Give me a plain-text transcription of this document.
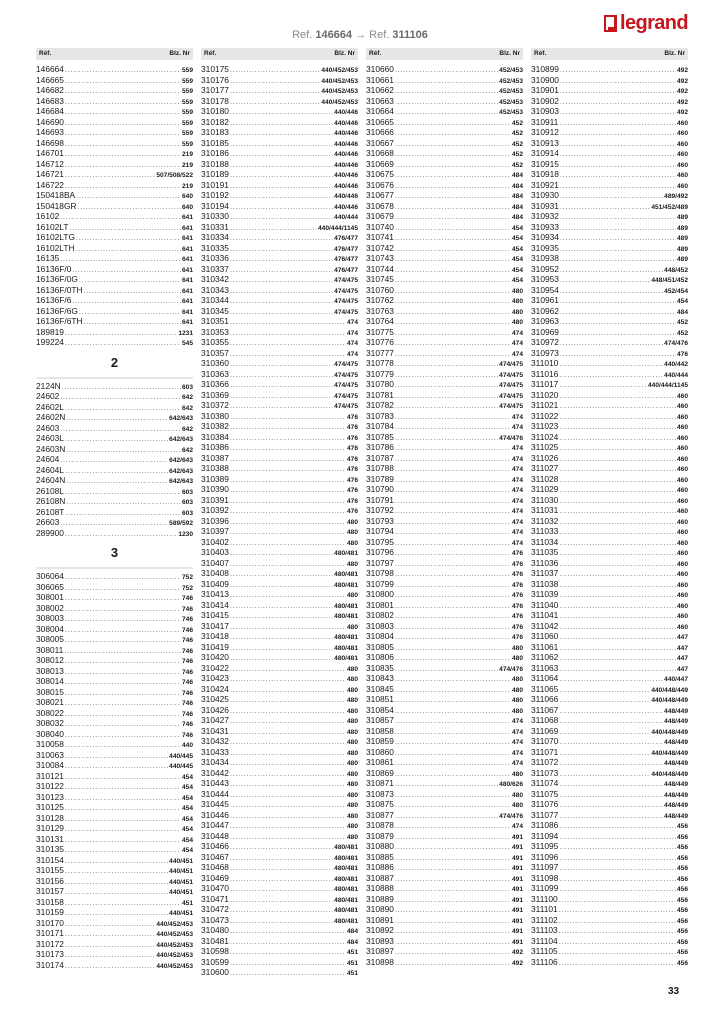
Ref. 146664 → Ref. 311106
legrand
Réf.	Blz. Nr
146664 .....	559
146665 .....	559
146682 .....	559
146683 .....	559
146684 .....	559
146690 .....	559
146693 .....	559
146698 .....	559
146701 .....	219
146712 .....	219
146721 .....	507/508/522
146722 .....	219
150418BA .....	640
150418GR .....	640
16102 .....	641
16102LT .....	641
16102LTG .....	641
16102LTH .....	641
16135 .....	641
16136F/0 .....	641
16136F/0G .....	641
16136F/0TH .....	641
16136F/6 .....	641
16136F/6G .....	641
16136F/6TH .....	641
189819 .....	1231
199224 .....	545
2
2124N .....	603
24602 .....	642
24602L .....	642
24602N .....	642/643
24603 .....	642
24603L .....	642/643
24603N .....	642
24604 .....	642/643
24604L .....	642/643
24604N .....	642/643
26108L .....	603
26108N .....	603
26108T .....	603
26603 .....	589/592
289900 .....	1230
3
306064 .....	752
306065 .....	752
308001 .....	746
308002 .....	746
308003 .....	746
308004 .....	746
308005 .....	746
308011 .....	746
308012 .....	746
308013 .....	746
308014 .....	746
308015 .....	746
308021 .....	746
308022 .....	746
308032 .....	746
308040 .....	746
310058 .....	440
310063 .....	440/445
310084 .....	440/445
310121 .....	454
310122 .....	454
310123 .....	454
310125 .....	454
310128 .....	454
310129 .....	454
310131 .....	454
310135 .....	454
310154 .....	440/451
310155 .....	440/451
310156 .....	440/451
310157 .....	440/451
310158 .....	451
310159 .....	440/451
310170 .....	440/452/453
310171 .....	440/452/453
310172 .....	440/452/453
310173 .....	440/452/453
310174 .....	440/452/453
Réf.	Blz. Nr
310175 .....	440/452/453
310176 .....	440/452/453
310177 .....	440/452/453
310178 .....	440/452/453
310180 .....	440/446
310182 .....	440/446
310183 .....	440/446
310185 .....	440/446
310186 .....	440/446
310188 .....	440/446
310189 .....	440/446
310191 .....	440/446
310192 .....	440/446
310194 .....	440/446
310330 .....	440/444
310331 .....	440/444/1145
310334 .....	476/477
310335 .....	476/477
310336 .....	476/477
310337 .....	476/477
310342 .....	474/475
310343 .....	474/475
310344 .....	474/475
310345 .....	474/475
310351 .....	474
310353 .....	474
310355 .....	474
310357 .....	474
310360 .....	474/475
310363 .....	474/475
310366 .....	474/475
310369 .....	474/475
310372 .....	474/475
310380 .....	476
310382 .....	476
310384 .....	476
310386 .....	476
310387 .....	476
310388 .....	476
310389 .....	476
310390 .....	476
310391 .....	476
310392 .....	476
310396 .....	480
310397 .....	480
310402 .....	480
310403 .....	480/481
310407 .....	480
310408 .....	480/481
310409 .....	480/481
310413 .....	480
310414 .....	480/481
310415 .....	480/481
310417 .....	480
310418 .....	480/481
310419 .....	480/481
310420 .....	480/481
310422 .....	480
310423 .....	480
310424 .....	480
310425 .....	480
310426 .....	480
310427 .....	480
310431 .....	480
310432 .....	480
310433 .....	480
310434 .....	480
310442 .....	480
310443 .....	480
310444 .....	480
310445 .....	480
310446 .....	480
310447 .....	480
310448 .....	480
310466 .....	480/481
310467 .....	480/481
310468 .....	480/481
310469 .....	480/481
310470 .....	480/481
310471 .....	480/481
310472 .....	480/481
310473 .....	480/481
310480 .....	484
310481 .....	484
310598 .....	451
310599 .....	451
310600 .....	451
Réf.	Blz. Nr
310660 .....	452/453
310661 .....	452/453
310662 .....	452/453
310663 .....	452/453
310664 .....	452/453
310665 .....	452
310666 .....	452
310667 .....	452
310668 .....	452
310669 .....	452
310675 .....	484
310676 .....	484
310677 .....	484
310678 .....	484
310679 .....	484
310740 .....	454
310741 .....	454
310742 .....	454
310743 .....	454
310744 .....	454
310745 .....	454
310760 .....	480
310762 .....	480
310763 .....	480
310764 .....	480
310775 .....	474
310776 .....	474
310777 .....	474
310778 .....	474/475
310779 .....	474/475
310780 .....	474/475
310781 .....	474/475
310782 .....	474/475
310783 .....	474
310784 .....	474
310785 .....	474/476
310786 .....	474
310787 .....	474
310788 .....	474
310789 .....	474
310790 .....	474
310791 .....	474
310792 .....	474
310793 .....	474
310794 .....	474
310795 .....	474
310796 .....	476
310797 .....	476
310798 .....	476
310799 .....	476
310800 .....	476
310801 .....	476
310802 .....	476
310803 .....	476
310804 .....	476
310805 .....	480
310806 .....	480
310835 .....	474/476
310843 .....	480
310845 .....	480
310851 .....	480
310854 .....	480
310857 .....	474
310858 .....	474
310859 .....	474
310860 .....	474
310861 .....	474
310869 .....	480
310871 .....	480/626
310873 .....	480
310875 .....	480
310877 .....	474/476
310878 .....	474
310879 .....	491
310880 .....	491
310885 .....	491
310886 .....	491
310887 .....	491
310888 .....	491
310889 .....	491
310890 .....	491
310891 .....	491
310892 .....	491
310893 .....	491
310897 .....	492
310898 .....	492
Réf.	Blz. Nr
310899 .....	492
310900 .....	492
310901 .....	492
310902 .....	492
310903 .....	492
310911 .....	460
310912 .....	460
310913 .....	460
310914 .....	460
310915 .....	460
310918 .....	460
310921 .....	460
310930 .....	489/492
310931 .....	451/452/489
310932 .....	489
310933 .....	489
310934 .....	489
310935 .....	489
310938 .....	489
310952 .....	448/452
310953 .....	448/451/452
310954 .....	452/454
310961 .....	454
310962 .....	484
310963 .....	452
310969 .....	452
310972 .....	474/476
310973 .....	476
311010 .....	440/442
311016 .....	440/444
311017 .....	440/444/1145
311020 .....	460
311021 .....	460
311022 .....	460
311023 .....	460
311024 .....	460
311025 .....	460
311026 .....	460
311027 .....	460
311028 .....	460
311029 .....	460
311030 .....	460
311031 .....	460
311032 .....	460
311033 .....	460
311034 .....	460
311035 .....	460
311036 .....	460
311037 .....	460
311038 .....	460
311039 .....	460
311040 .....	460
311041 .....	460
311042 .....	460
311060 .....	447
311061 .....	447
311062 .....	447
311063 .....	447
311064 .....	440/447
311065 .....	440/448/449
311066 .....	440/448/449
311067 .....	448/449
311068 .....	448/449
311069 .....	440/448/449
311070 .....	448/449
311071 .....	440/448/449
311072 .....	448/449
311073 .....	440/448/449
311074 .....	448/449
311075 .....	448/449
311076 .....	448/449
311077 .....	448/449
311086 .....	456
311094 .....	456
311095 .....	456
311096 .....	456
311097 .....	456
311098 .....	456
311099 .....	456
311100 .....	456
311101 .....	456
311102 .....	456
311103 .....	456
311104 .....	456
311105 .....	456
311106 .....	456
33
